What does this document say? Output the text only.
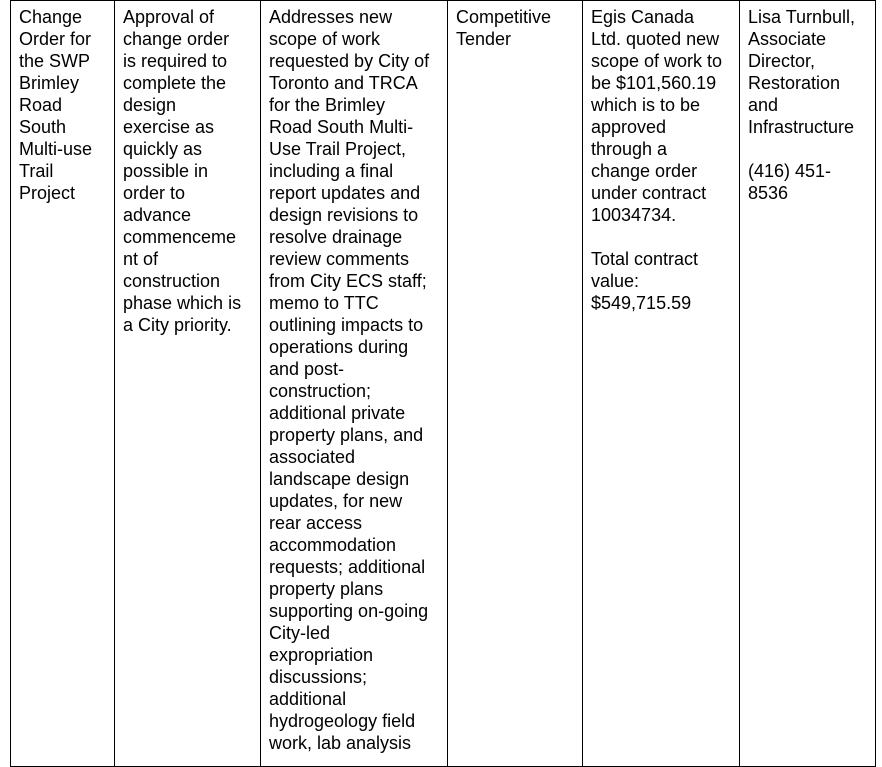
Change
Order for
the SWP
Brimley
Road
South
Multi-use
Trail
Project

Approval of
change order
is required to
complete the
design
exercise as
quickly as
possible in
order to
advance
commenceme
nt of
construction
phase which is
a City priority.

Addresses new
scope of work
requested by City of
Toronto and TRCA
for the Brimley
Road South Multi-
Use Trail Project,
including a final
report updates and
design revisions to
resolve drainage
review comments
from City ECS staff;
memo to TTC
outlining impacts to
operations during
and post-
construction;
additional private
property plans, and
associated
landscape design
updates, for new
rear access
accommodation
requests; additional
property plans
supporting on-going
City-led
expropriation
discussions;
additional
hydrogeology field
work, lab analysis

Competitive
Tender

Egis Canada
Ltd. quoted new
scope of work to
be $101,560.19
which is to be
approved
through a
change order
under contract
10034734.
Total contract
value:
$549,715.59

Lisa Turnbull,
Associate
Director,
Restoration
and
Infrastructure
(416) 451-
8536
